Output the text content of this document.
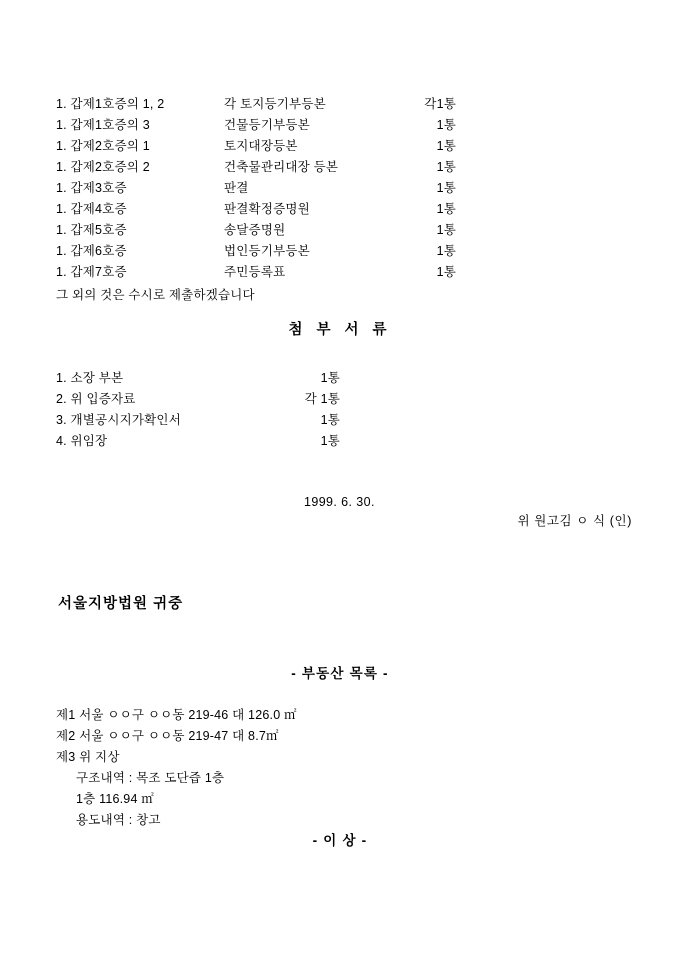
1. 갑제1호증의 1, 2	각 토지등기부등본	각1통
1. 갑제1호증의 3	건물등기부등본	1통
1. 갑제2호증의 1	토지대장등본	1통
1. 갑제2호증의 2	건축물관리대장 등본	1통
1. 갑제3호증	판결	1통
1. 갑제4호증	판결확정증명원	1통
1. 갑제5호증	송달증명원	1통
1. 갑제6호증	법인등기부등본	1통
1. 갑제7호증	주민등록표	1통
그 외의 것은 수시로 제출하겠습니다
첨 부 서 류
1. 소장 부본	1통
2. 위 입증자료	각 1통
3. 개별공시지가확인서	1통
4. 위임장	1통
1999. 6. 30.
위 원고김 ㅇ 식 (인)
서울지방법원 귀중
- 부동산 목록 -
제1 서울 ㅇㅇ구 ㅇㅇ동 219-46 대 126.0 ㎡
제2 서울 ㅇㅇ구 ㅇㅇ동 219-47 대 8.7㎡
제3 위 지상
구조내역 : 목조 도단즙 1층
1층 116.94 ㎡
용도내역 : 창고
- 이 상 -
